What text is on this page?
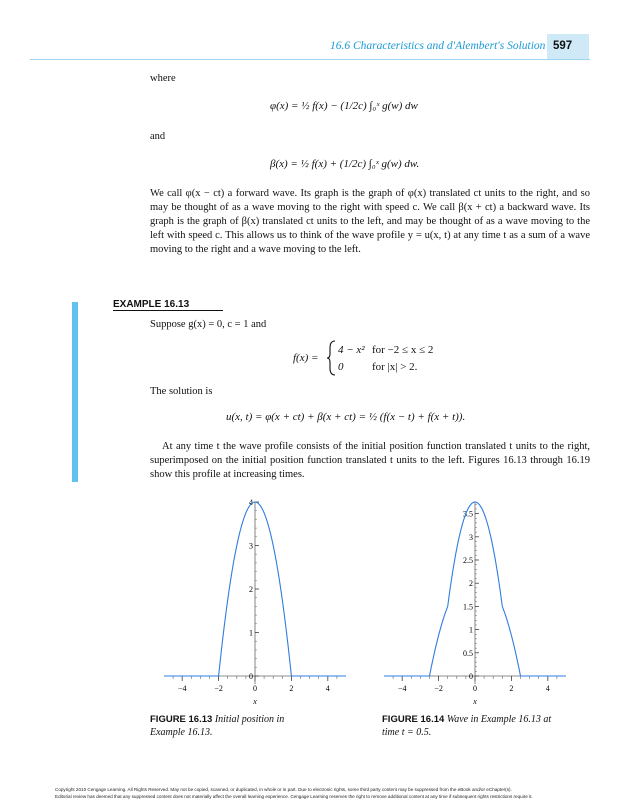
16.6 Characteristics and d'Alembert's Solution 597
where
φ(x) = ½ f(x) − (1/2c) ∫₀ˣ g(w) dw
and
β(x) = ½ f(x) + (1/2c) ∫₀ˣ g(w) dw.
We call φ(x − ct) a forward wave. Its graph is the graph of φ(x) translated ct units to the right, and so may be thought of as a wave moving to the right with speed c. We call β(x + ct) a backward wave. Its graph is the graph of β(x) translated ct units to the left, and may be thought of as a wave moving to the left with speed c. This allows us to think of the wave profile y = u(x, t) at any time t as a sum of a wave moving to the right and a wave moving to the left.
EXAMPLE 16.13
Suppose g(x) = 0, c = 1 and
f(x) =
4 − x² for −2 ≤ x ≤ 2
0	for |x| > 2.
The solution is
u(x, t) = φ(x + ct) + β(x + ct) = ½ (f(x − t) + f(x + t)).
At any time t the wave profile consists of the initial position function translated t units to the right, superimposed on the initial position function translated t units to the left. Figures 16.13 through 16.19 show this profile at increasing times.
−4	−2	0	2	4
x
0
1
2
3
4
−4	−2	0	2	4
x
0
0.5
1
1.5
2
2.5
3
3.5
FIGURE 16.13 Initial position in Example 16.13.
FIGURE 16.14 Wave in Example 16.13 at time t = 0.5.
Copyright 2010 Cengage Learning. All Rights Reserved. May not be copied, scanned, or duplicated, in whole or in part. Due to electronic rights, some third party content may be suppressed from the eBook and/or eChapter(s).
Editorial review has deemed that any suppressed content does not materially affect the overall learning experience. Cengage Learning reserves the right to remove additional content at any time if subsequent rights restrictions require it.
